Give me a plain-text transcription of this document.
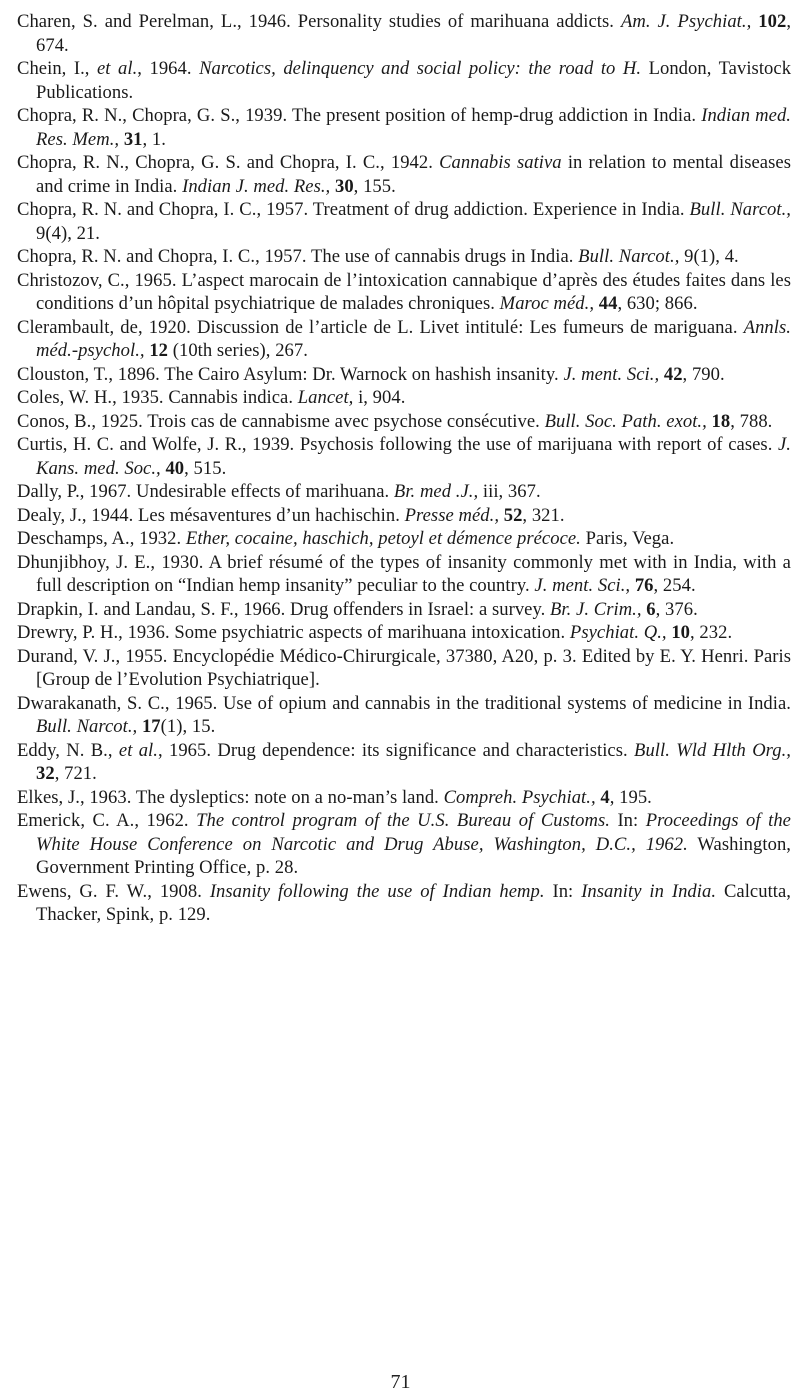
Charen, S. and Perelman, L., 1946. Personality studies of marihuana addicts. Am. J. Psychiat., 102, 674.

Chein, I., et al., 1964. Narcotics, delinquency and social policy: the road to H. London, Tavistock Publications.

Chopra, R. N., Chopra, G. S., 1939. The present position of hemp-drug addiction in India. Indian med. Res. Mem., 31, 1.

Chopra, R. N., Chopra, G. S. and Chopra, I. C., 1942. Cannabis sativa in relation to mental diseases and crime in India. Indian J. med. Res., 30, 155.

Chopra, R. N. and Chopra, I. C., 1957. Treatment of drug addiction. Experience in India. Bull. Narcot., 9(4), 21.

Chopra, R. N. and Chopra, I. C., 1957. The use of cannabis drugs in India. Bull. Narcot., 9(1), 4.

Christozov, C., 1965. L’aspect marocain de l’intoxication cannabique d’après des études faites dans les conditions d’un hôpital psychiatrique de malades chroniques. Maroc méd., 44, 630; 866.

Clerambault, de, 1920. Discussion de l’article de L. Livet intitulé: Les fumeurs de mariguana. Annls. méd.-psychol., 12 (10th series), 267.

Clouston, T., 1896. The Cairo Asylum: Dr. Warnock on hashish insanity. J. ment. Sci., 42, 790.

Coles, W. H., 1935. Cannabis indica. Lancet, i, 904.

Conos, B., 1925. Trois cas de cannabisme avec psychose consécutive. Bull. Soc. Path. exot., 18, 788.

Curtis, H. C. and Wolfe, J. R., 1939. Psychosis following the use of marijuana with report of cases. J. Kans. med. Soc., 40, 515.

Dally, P., 1967. Undesirable effects of marihuana. Br. med .J., iii, 367.

Dealy, J., 1944. Les mésaventures d’un hachischin. Presse méd., 52, 321.

Deschamps, A., 1932. Ether, cocaine, haschich, petoyl et démence précoce. Paris, Vega.

Dhunjibhoy, J. E., 1930. A brief résumé of the types of insanity commonly met with in India, with a full description on “Indian hemp insanity” peculiar to the country. J. ment. Sci., 76, 254.

Drapkin, I. and Landau, S. F., 1966. Drug offenders in Israel: a survey. Br. J. Crim., 6, 376.

Drewry, P. H., 1936. Some psychiatric aspects of marihuana intoxication. Psychiat. Q., 10, 232.

Durand, V. J., 1955. Encyclopédie Médico-Chirurgicale, 37380, A20, p. 3. Edited by E. Y. Henri. Paris [Group de l’Evolution Psychiatrique].

Dwarakanath, S. C., 1965. Use of opium and cannabis in the traditional systems of medicine in India. Bull. Narcot., 17(1), 15.

Eddy, N. B., et al., 1965. Drug dependence: its significance and characteristics. Bull. Wld Hlth Org., 32, 721.

Elkes, J., 1963. The dysleptics: note on a no-man’s land. Compreh. Psychiat., 4, 195.

Emerick, C. A., 1962. The control program of the U.S. Bureau of Customs. In: Proceedings of the White House Conference on Narcotic and Drug Abuse, Washington, D.C., 1962. Washington, Government Printing Office, p. 28.

Ewens, G. F. W., 1908. Insanity following the use of Indian hemp. In: Insanity in India. Calcutta, Thacker, Spink, p. 129.

71
